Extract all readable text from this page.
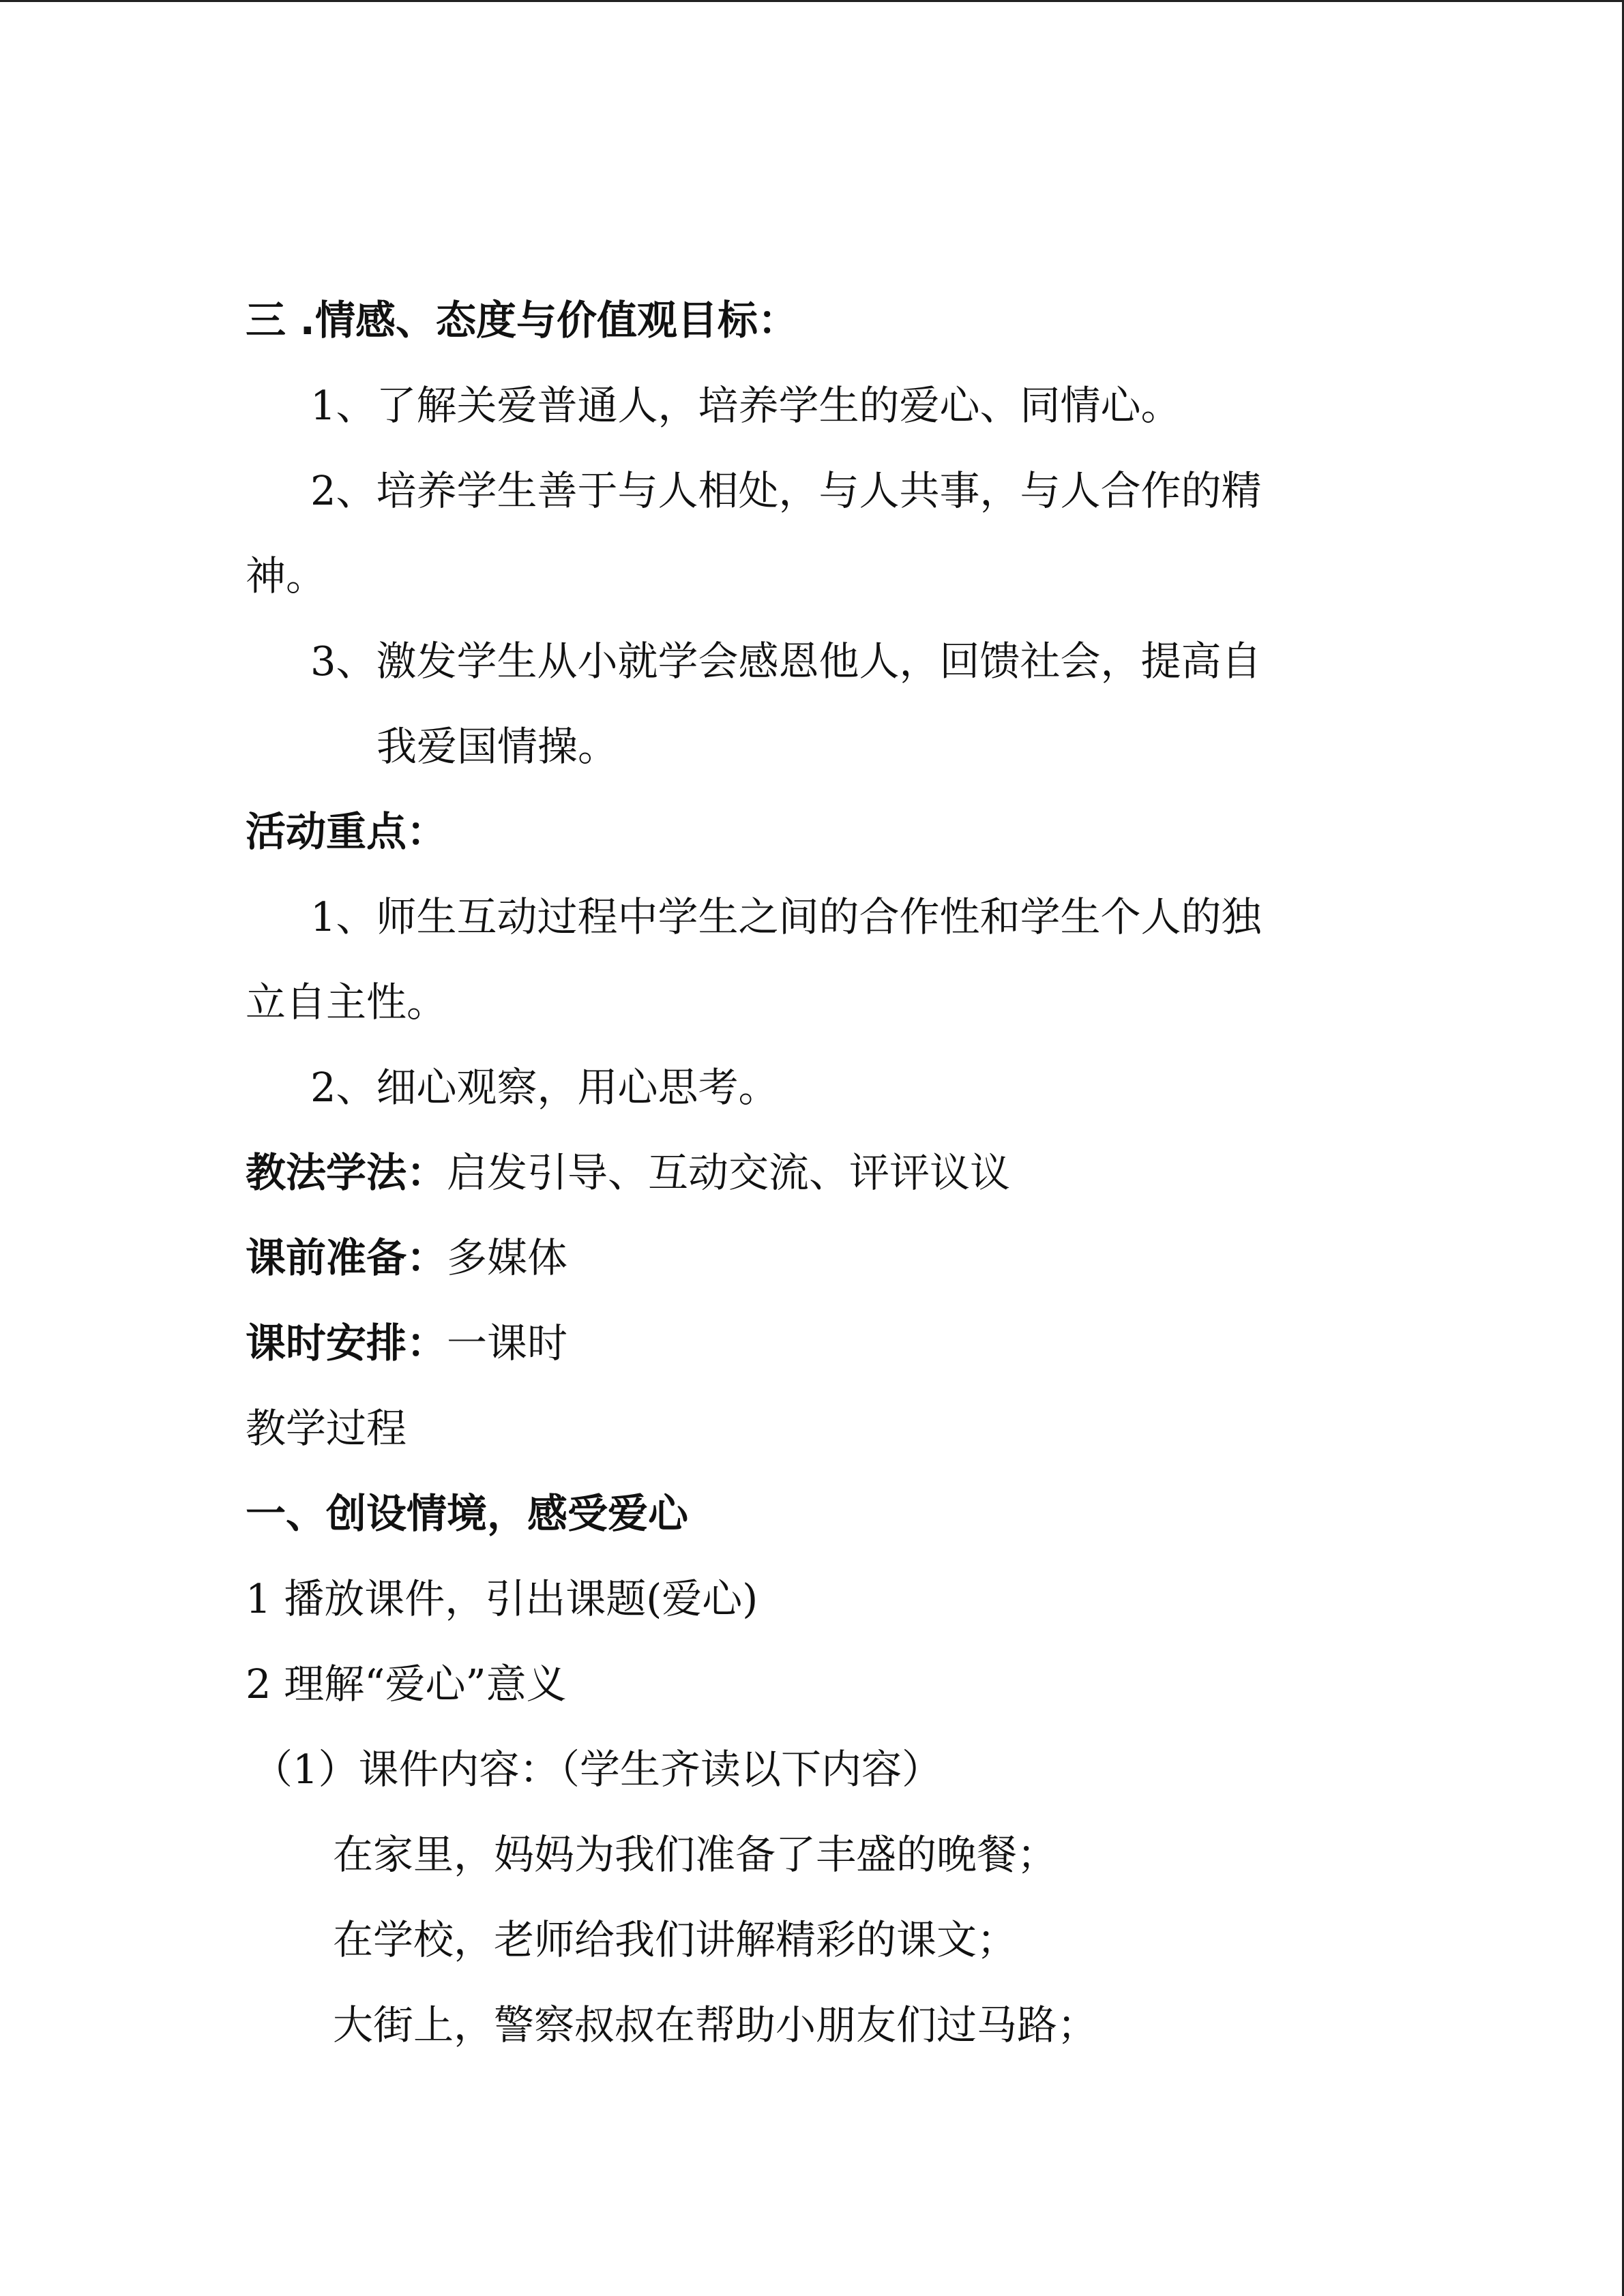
三 .情感、态度与价值观目标：
1、了解关爱普通人，培养学生的爱心、同情心。
2、培养学生善于与人相处，与人共事，与人合作的精
神。
3、激发学生从小就学会感恩他人，回馈社会，提高自
我爱国情操。
活动重点：
1、师生互动过程中学生之间的合作性和学生个人的独
立自主性。
2、细心观察，用心思考。
教法学法：启发引导、互动交流、评评议议
课前准备：多媒体
课时安排：一课时
教学过程
一、创设情境，感受爱心
1 播放课件，引出课题(爱心)
2 理解“爱心”意义
（1）课件内容：（学生齐读以下内容）
在家里，妈妈为我们准备了丰盛的晚餐；
在学校，老师给我们讲解精彩的课文；
大街上，警察叔叔在帮助小朋友们过马路；
